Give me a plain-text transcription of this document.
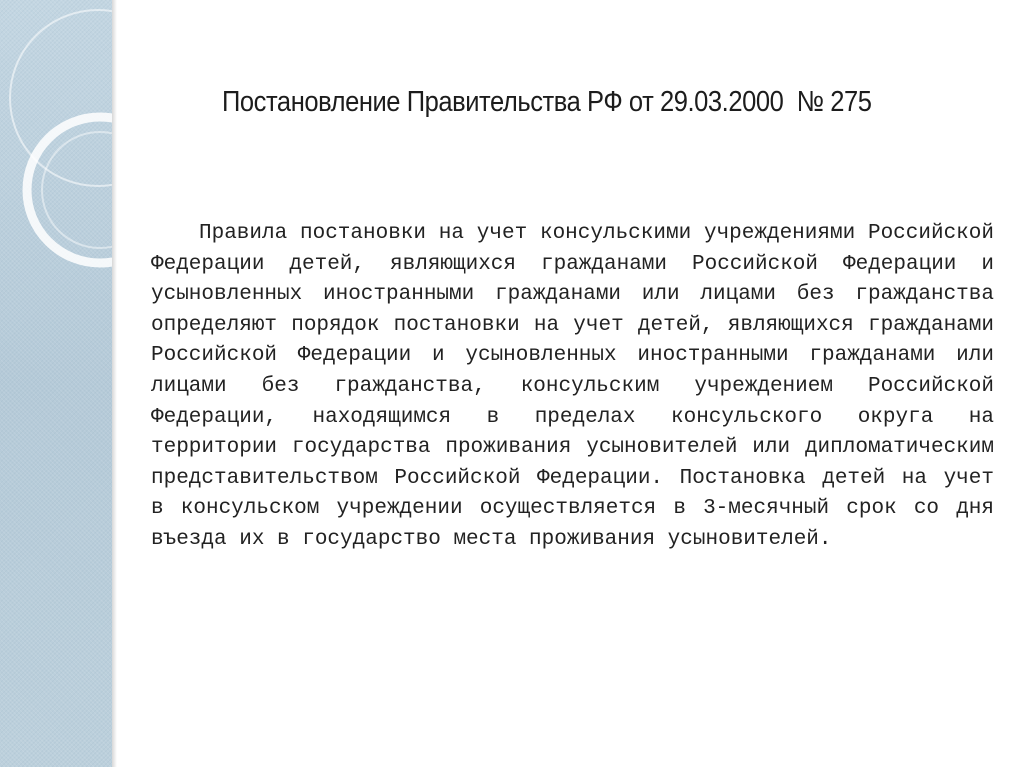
Постановление Правительства РФ от 29.03.2000  № 275

Правила постановки на учет консульскими учреждениями Российской Федерации детей, являющихся гражданами Российской Федерации и усыновленных иностранными гражданами или лицами без гражданства определяют порядок постановки на учет детей, являющихся гражданами Российской Федерации и усыновленных иностранными гражданами или лицами без гражданства, консульским учреждением Российской Федерации, находящимся в пределах консульского округа на территории государства проживания усыновителей или дипломатическим представительством Российской Федерации. Постановка детей на учет в консульском учреждении осуществляется в 3-месячный срок со дня въезда их в государство места проживания усыновителей.
